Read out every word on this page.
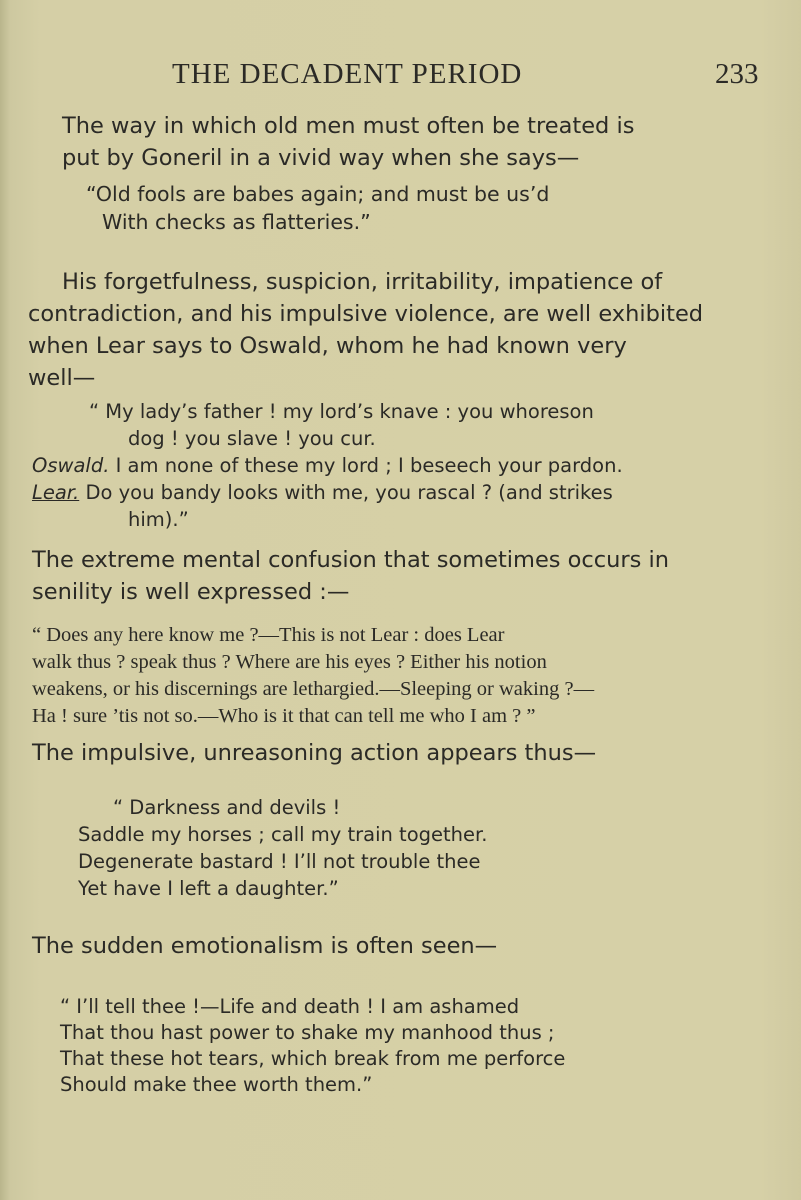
THE DECADENT PERIOD	233
The way in which old men must often be treated is
put by Goneril in a vivid way when she says—
“Old fools are babes again; and must be us’d
With checks as flatteries.”
His forgetfulness, suspicion, irritability, impatience of
contradiction, and his impulsive violence, are well exhibited
when Lear says to Oswald, whom he had known very
well—
“ My lady’s father ! my lord’s knave : you whoreson
dog ! you slave ! you cur.
Oswald. I am none of these my lord ; I beseech your pardon.
Lear. Do you bandy looks with me, you rascal ? (and strikes
him).”
The extreme mental confusion that sometimes occurs in
senility is well expressed :—
“ Does any here know me ?—This is not Lear : does Lear
walk thus ? speak thus ? Where are his eyes ? Either his notion
weakens, or his discernings are lethargied.—Sleeping or waking ?—
Ha ! sure ’tis not so.—Who is it that can tell me who I am ? ”
The impulsive, unreasoning action appears thus—
“ Darkness and devils !
Saddle my horses ; call my train together.
Degenerate bastard ! I’ll not trouble thee
Yet have I left a daughter.”
The sudden emotionalism is often seen—
“ I’ll tell thee !—Life and death ! I am ashamed
That thou hast power to shake my manhood thus ;
That these hot tears, which break from me perforce
Should make thee worth them.”
